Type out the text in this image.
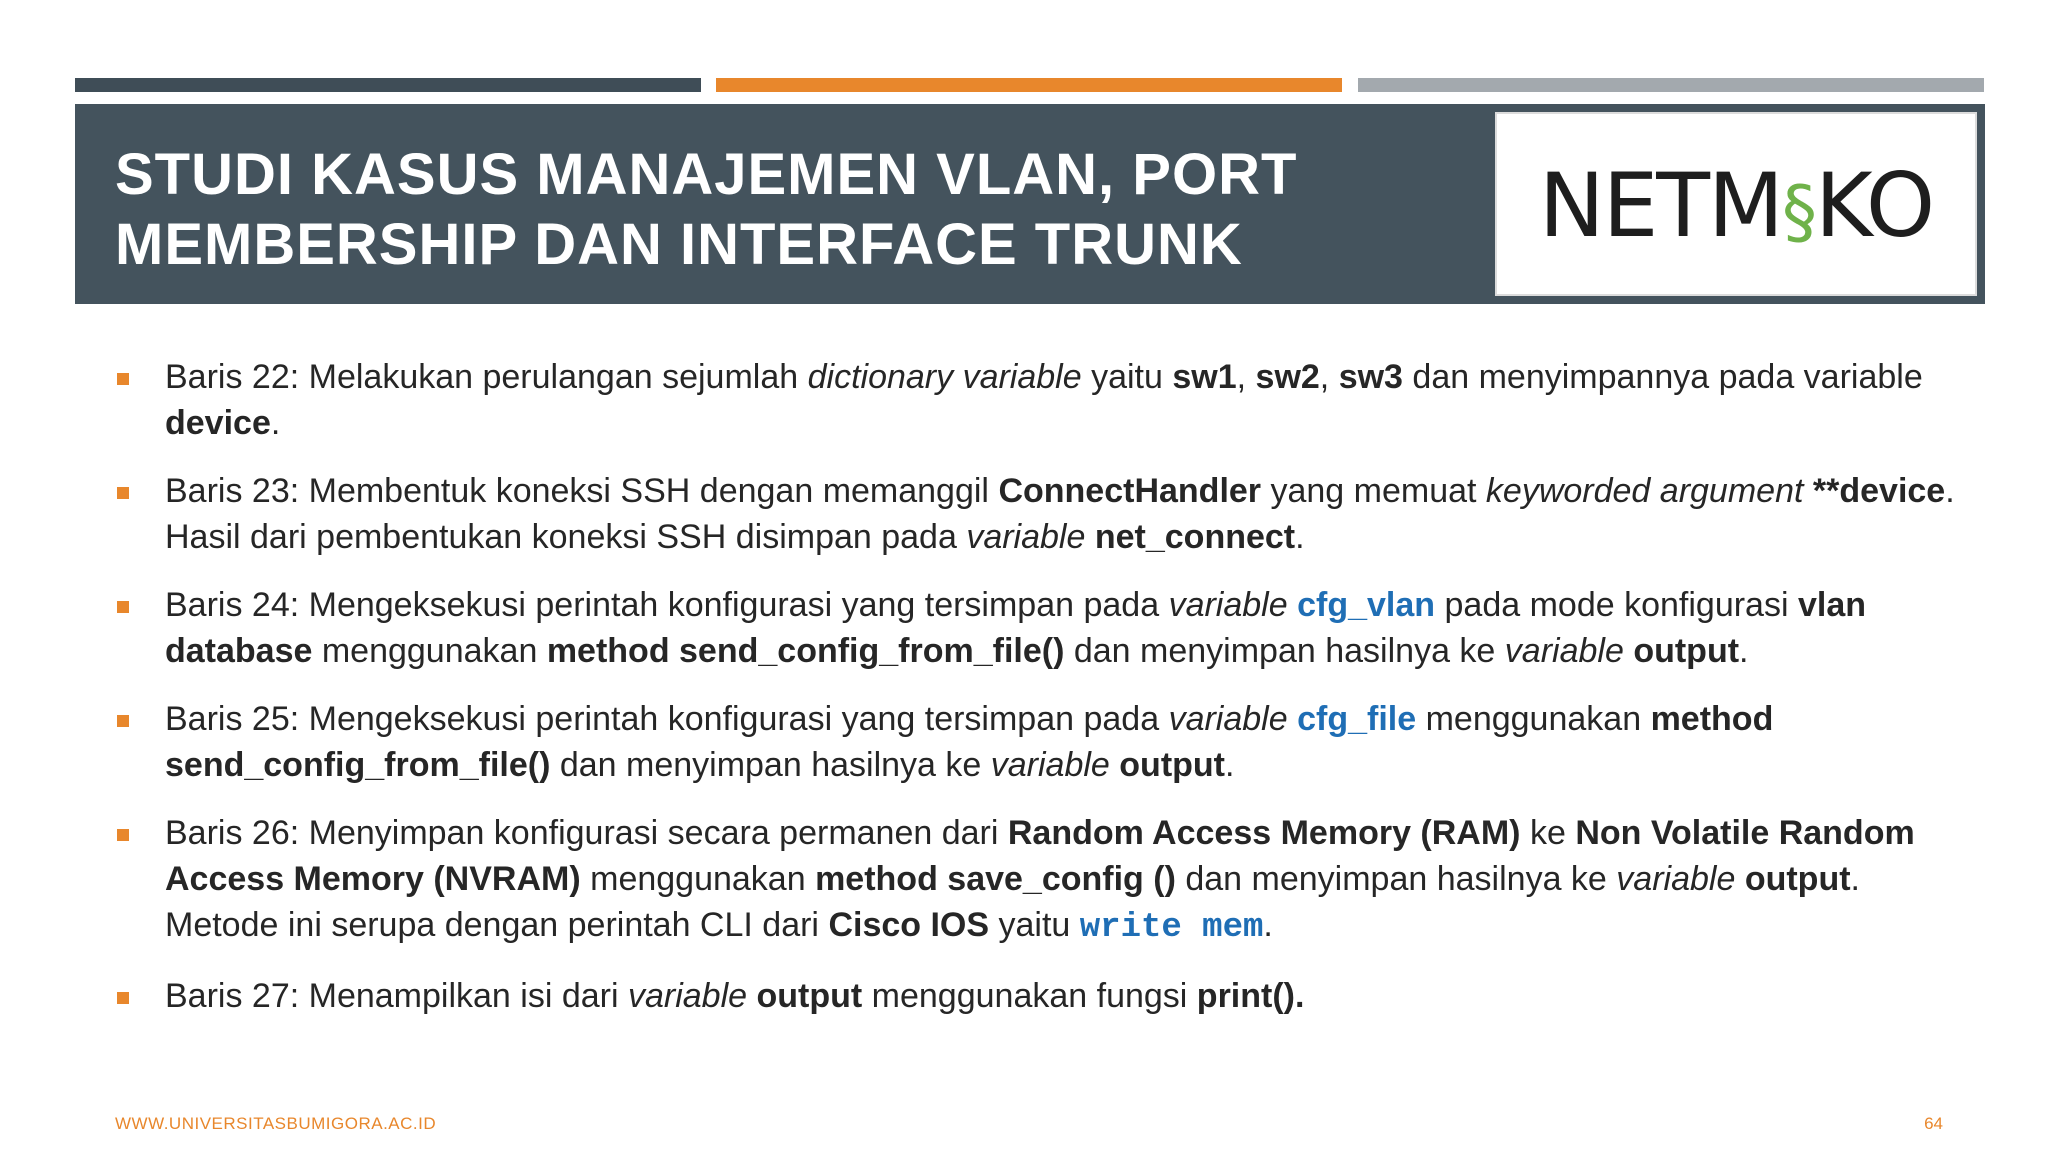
STUDI KASUS MANAJEMEN VLAN, PORT
MEMBERSHIP DAN INTERFACE TRUNK	NETM§KO
Baris 22: Melakukan perulangan sejumlah dictionary variable yaitu sw1, sw2, sw3 dan menyimpannya pada variable device.
Baris 23: Membentuk koneksi SSH dengan memanggil ConnectHandler yang memuat keyworded argument **device. Hasil dari pembentukan koneksi SSH disimpan pada variable net_connect.
Baris 24: Mengeksekusi perintah konfigurasi yang tersimpan pada variable cfg_vlan pada mode konfigurasi vlan database menggunakan method send_config_from_file() dan menyimpan hasilnya ke variable output.
Baris 25: Mengeksekusi perintah konfigurasi yang tersimpan pada variable cfg_file menggunakan method send_config_from_file() dan menyimpan hasilnya ke variable output.
Baris 26: Menyimpan konfigurasi secara permanen dari Random Access Memory (RAM) ke Non Volatile Random Access Memory (NVRAM) menggunakan method save_config () dan menyimpan hasilnya ke variable output. Metode ini serupa dengan perintah CLI dari Cisco IOS yaitu write mem.
Baris 27: Menampilkan isi dari variable output menggunakan fungsi print().
WWW.UNIVERSITASBUMIGORA.AC.ID	64
